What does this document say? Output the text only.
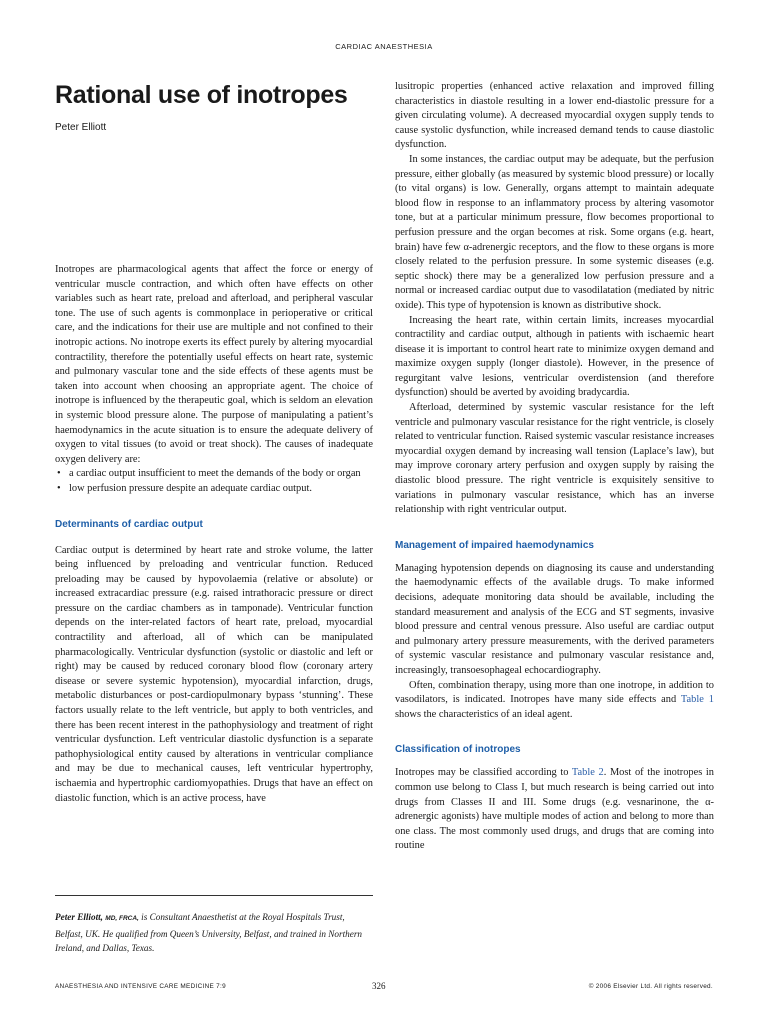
CARDIAC ANAESTHESIA
Rational use of inotropes
Peter Elliott

Inotropes are pharmacological agents that affect the force or energy of ventricular muscle contraction, and which often have effects on other variables such as heart rate, preload and afterload, and peripheral vascular tone. The use of such agents is commonplace in perioperative or critical care, and the indications for their use are multiple and not confined to their inotropic actions. No inotrope exerts its effect purely by altering myocardial contractility, therefore the potentially useful effects on heart rate, systemic and pulmonary vascular tone and the side effects of these agents must be taken into account when choosing an appropriate agent. The choice of inotrope is influenced by the therapeutic goal, which is seldom an elevation in systemic blood pressure alone. The purpose of manipulating a patient’s haemodynamics in the acute situation is to ensure the adequate delivery of oxygen to vital tissues (to avoid or treat shock). The causes of inadequate oxygen delivery are:

• a cardiac output insufficient to meet the demands of the body or organ
• low perfusion pressure despite an adequate cardiac output.
Determinants of cardiac output

Cardiac output is determined by heart rate and stroke volume, the latter being influenced by preloading and ventricular function. Reduced preloading may be caused by hypovolaemia (relative or absolute) or increased extracardiac pressure (e.g. raised intrathoracic pressure or direct pressure on the cardiac chambers as in tamponade). Ventricular function depends on the inter-related factors of heart rate, preload, myocardial contractility and afterload, all of which can be manipulated pharmacologically. Ventricular dysfunction (systolic or diastolic and left or right) may be caused by reduced coronary blood flow (coronary artery disease or severe systemic hypotension), myocardial infarction, drugs, metabolic disturbances or post-cardiopulmonary bypass ‘stunning’. These factors usually relate to the left ventricle, but apply to both ventricles, and there has been recent interest in the pathophysiology and treatment of right ventricular dysfunction. Left ventricular diastolic dysfunction is a separate pathophysiological entity caused by alterations in ventricular compliance and may be due to mechanical causes, left ventricular hypertrophy, ischaemia and hypertrophic cardiomyopathies. Drugs that have an effect on diastolic function, which is an active process, have

lusitropic properties (enhanced active relaxation and improved filling characteristics in diastole resulting in a lower end-diastolic pressure for a given circulating volume). A decreased myocardial oxygen supply tends to cause systolic dysfunction, while increased demand tends to cause diastolic dysfunction.

In some instances, the cardiac output may be adequate, but the perfusion pressure, either globally (as measured by systemic blood pressure) or locally (to vital organs) is low. Generally, organs attempt to maintain adequate blood flow in response to an inflammatory process by altering vasomotor tone, but at a particular minimum pressure, flow becomes proportional to perfusion pressure and the organ becomes at risk. Some organs (e.g. heart, brain) have few α-adrenergic receptors, and the flow to these organs is more closely related to the perfusion pressure. In some systemic diseases (e.g. septic shock) there may be a generalized low perfusion pressure and a normal or increased cardiac output due to vasodilatation (mediated by nitric oxide). This type of hypotension is known as distributive shock.

Increasing the heart rate, within certain limits, increases myocardial contractility and cardiac output, although in patients with ischaemic heart disease it is important to control heart rate to minimize oxygen demand and maximize oxygen supply (longer diastole). However, in the presence of regurgitant valve lesions, ventricular overdistension (and therefore dysfunction) should be averted by avoiding bradycardia.

Afterload, determined by systemic vascular resistance for the left ventricle and pulmonary vascular resistance for the right ventricle, is closely related to ventricular function. Raised systemic vascular resistance increases myocardial oxygen demand by increasing wall tension (Laplace’s law), but may improve coronary artery perfusion and oxygen supply by raising the diastolic blood pressure. The right ventricle is exquisitely sensitive to variations in pulmonary vascular resistance, which has an inverse relationship with right ventricular output.

Management of impaired haemodynamics

Managing hypotension depends on diagnosing its cause and understanding the haemodynamic effects of the available drugs. To make informed decisions, adequate monitoring data should be available, including the standard measurement and analysis of the ECG and ST segments, invasive blood pressure and central venous pressure. Also useful are cardiac output and pulmonary artery pressure measurements, with the derived parameters of systemic vascular resistance and pulmonary vascular resistance and, increasingly, transoesophageal echocardiography.

Often, combination therapy, using more than one inotrope, in addition to vasodilators, is indicated. Inotropes have many side effects and Table 1 shows the characteristics of an ideal agent.

Classification of inotropes

Inotropes may be classified according to Table 2. Most of the inotropes in common use belong to Class I, but much research is being carried out into drugs from Classes II and III. Some drugs (e.g. vesnarinone, the α-adrenergic agonists) have multiple modes of action and belong to more than one class. The most commonly used drugs, and drugs that are coming into routine

Peter Elliott, MD, FRCA, is Consultant Anaesthetist at the Royal Hospitals Trust, Belfast, UK. He qualified from Queen’s University, Belfast, and trained in Northern Ireland, and Dallas, Texas.
ANAESTHESIA AND INTENSIVE CARE MEDICINE 7:9	326	© 2006 Elsevier Ltd. All rights reserved.
